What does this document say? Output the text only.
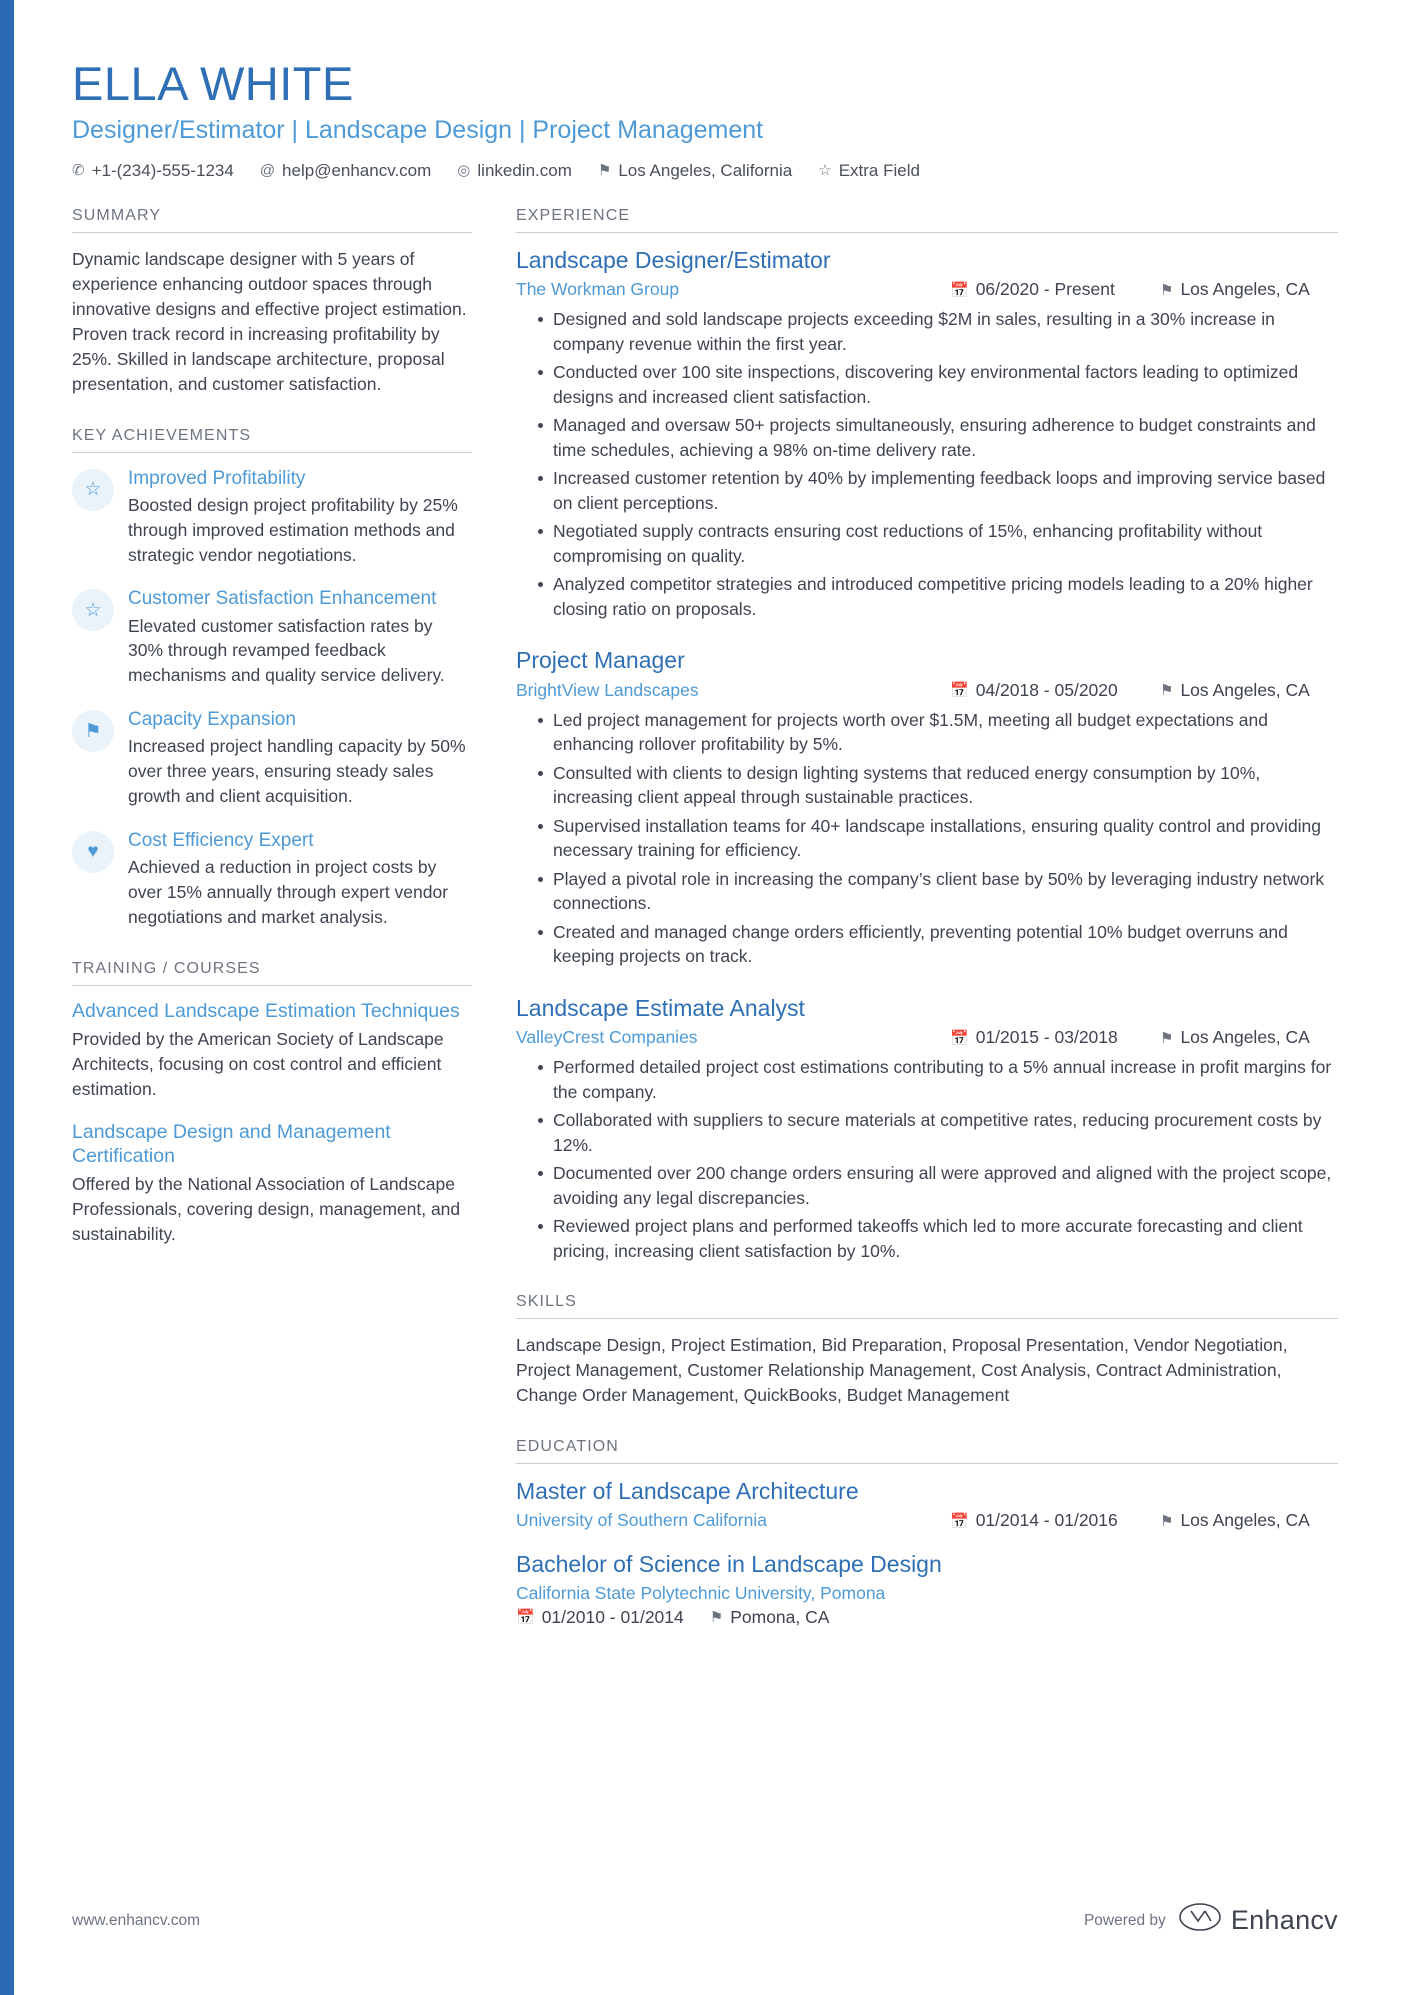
ELLA WHITE
Designer/Estimator | Landscape Design | Project Management
✆ +1-(234)-555-1234 @ help@enhancv.com ◎ linkedin.com ⚑ Los Angeles, California ☆ Extra Field
SUMMARY

Dynamic landscape designer with 5 years of experience enhancing outdoor spaces through innovative designs and effective project estimation. Proven track record in increasing profitability by 25%. Skilled in landscape architecture, proposal presentation, and customer satisfaction.

KEY ACHIEVEMENTS
☆
Improved Profitability

Boosted design project profitability by 25% through improved estimation methods and strategic vendor negotiations.

☆
Customer Satisfaction Enhancement

Elevated customer satisfaction rates by 30% through revamped feedback mechanisms and quality service delivery.

⚑
Capacity Expansion

Increased project handling capacity by 50% over three years, ensuring steady sales growth and client acquisition.

♥
Cost Efficiency Expert

Achieved a reduction in project costs by over 15% annually through expert vendor negotiations and market analysis.

TRAINING / COURSES
Advanced Landscape Estimation Techniques

Provided by the American Society of Landscape Architects, focusing on cost control and efficient estimation.

Landscape Design and Management Certification

Offered by the National Association of Landscape Professionals, covering design, management, and sustainability.

EXPERIENCE
Landscape Designer/Estimator
The Workman Group	📅 06/2020 - Present	⚑ Los Angeles, CA
Designed and sold landscape projects exceeding $2M in sales, resulting in a 30% increase in company revenue within the first year.
Conducted over 100 site inspections, discovering key environmental factors leading to optimized designs and increased client satisfaction.
Managed and oversaw 50+ projects simultaneously, ensuring adherence to budget constraints and time schedules, achieving a 98% on-time delivery rate.
Increased customer retention by 40% by implementing feedback loops and improving service based on client perceptions.
Negotiated supply contracts ensuring cost reductions of 15%, enhancing profitability without compromising on quality.
Analyzed competitor strategies and introduced competitive pricing models leading to a 20% higher closing ratio on proposals.
Project Manager
BrightView Landscapes	📅 04/2018 - 05/2020	⚑ Los Angeles, CA
Led project management for projects worth over $1.5M, meeting all budget expectations and enhancing rollover profitability by 5%.
Consulted with clients to design lighting systems that reduced energy consumption by 10%, increasing client appeal through sustainable practices.
Supervised installation teams for 40+ landscape installations, ensuring quality control and providing necessary training for efficiency.
Played a pivotal role in increasing the company’s client base by 50% by leveraging industry network connections.
Created and managed change orders efficiently, preventing potential 10% budget overruns and keeping projects on track.
Landscape Estimate Analyst
ValleyCrest Companies	📅 01/2015 - 03/2018	⚑ Los Angeles, CA
Performed detailed project cost estimations contributing to a 5% annual increase in profit margins for the company.
Collaborated with suppliers to secure materials at competitive rates, reducing procurement costs by 12%.
Documented over 200 change orders ensuring all were approved and aligned with the project scope, avoiding any legal discrepancies.
Reviewed project plans and performed takeoffs which led to more accurate forecasting and client pricing, increasing client satisfaction by 10%.
SKILLS

Landscape Design, Project Estimation, Bid Preparation, Proposal Presentation, Vendor Negotiation, Project Management, Customer Relationship Management, Cost Analysis, Contract Administration, Change Order Management, QuickBooks, Budget Management

EDUCATION
Master of Landscape Architecture
University of Southern California	📅 01/2014 - 01/2016	⚑ Los Angeles, CA
Bachelor of Science in Landscape Design
California State Polytechnic University, Pomona
📅 01/2010 - 01/2014 ⚑ Pomona, CA
www.enhancv.com	Powered by Enhancv
